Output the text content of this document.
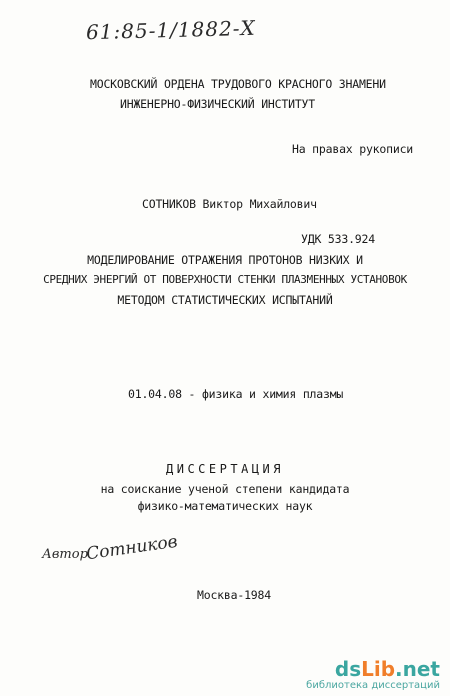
61:85-1/1882-Х
МОСКОВСКИЙ ОРДЕНА ТРУДОВОГО КРАСНОГО ЗНАМЕНИ
ИНЖЕНЕРНО-ФИЗИЧЕСКИЙ ИНСТИТУТ
На правах рукописи
СОТНИКОВ Виктор Михайлович
УДК 533.924
МОДЕЛИРОВАНИЕ ОТРАЖЕНИЯ ПРОТОНОВ НИЗКИХ И
СРЕДНИХ ЭНЕРГИЙ ОТ ПОВЕРХНОСТИ СТЕНКИ ПЛАЗМЕННЫХ УСТАНОВОК
МЕТОДОМ СТАТИСТИЧЕСКИХ ИСПЫТАНИЙ
01.04.08 - физика и химия плазмы
ДИССЕРТАЦИЯ
на соискание ученой степени кандидата
физико-математических наук
Автор
Сотников
Москва-1984
dsLib.net
библиотека диссертаций
